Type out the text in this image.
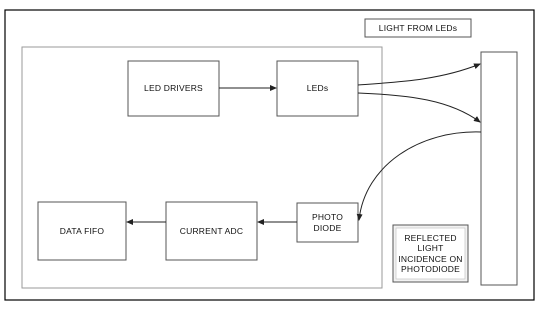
LED DRIVERS	LEDs
PHOTO
DIODE
CURRENT ADC
DATA FIFO
LIGHT FROM LEDs
REFLECTED
LIGHT
INCIDENCE ON
PHOTODIODE
